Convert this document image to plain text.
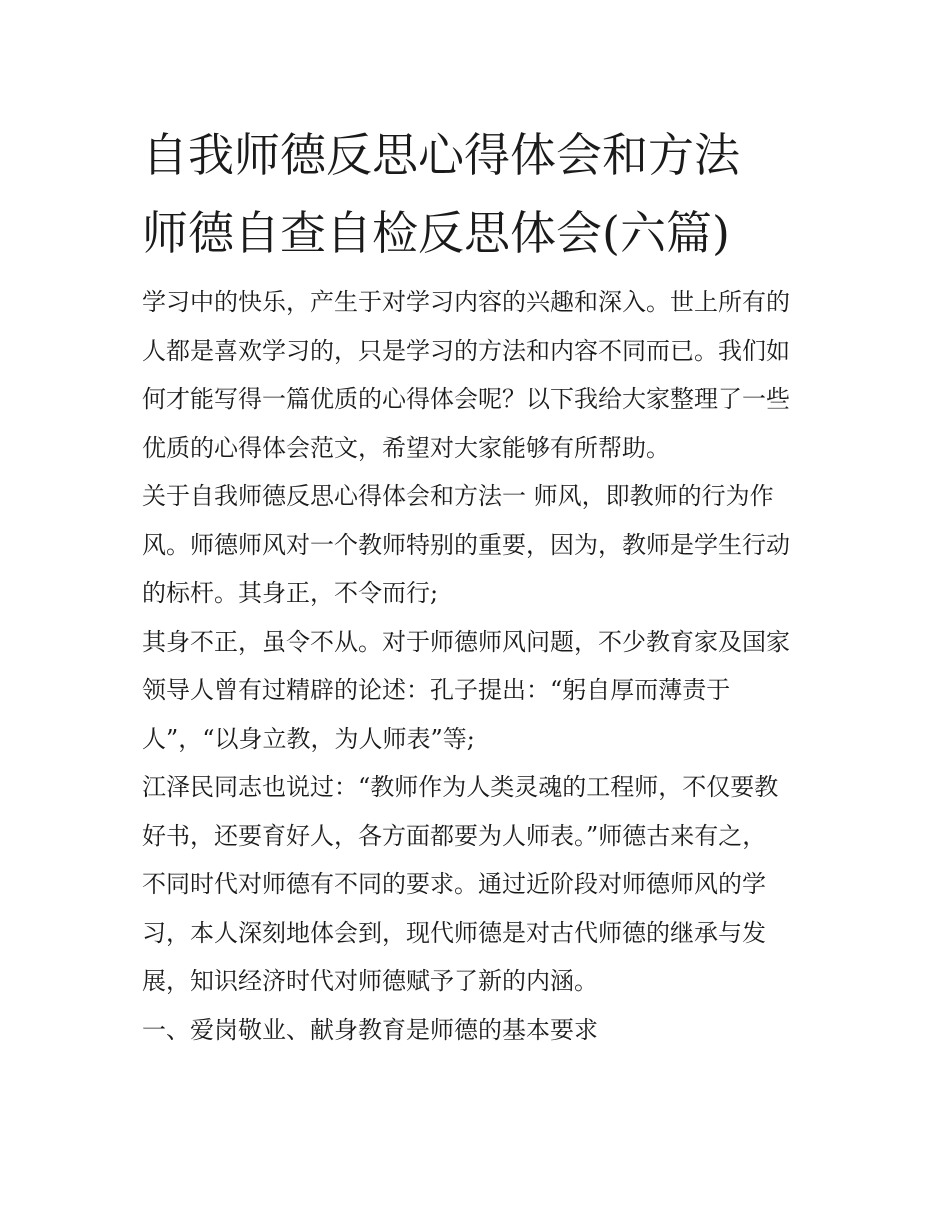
自我师德反思心得体会和方法
师德自查自检反思体会(六篇)
学习中的快乐，产生于对学习内容的兴趣和深入。世上所有的
人都是喜欢学习的，只是学习的方法和内容不同而已。我们如
何才能写得一篇优质的心得体会呢？以下我给大家整理了一些
优质的心得体会范文，希望对大家能够有所帮助。
关于自我师德反思心得体会和方法一 师风，即教师的行为作
风。师德师风对一个教师特别的重要，因为，教师是学生行动
的标杆。其身正，不令而行;
其身不正，虽令不从。对于师德师风问题，不少教育家及国家
领导人曾有过精辟的论述：孔子提出：“躬自厚而薄责于
人”，“以身立教，为人师表”等;
江泽民同志也说过：“教师作为人类灵魂的工程师，不仅要教
好书，还要育好人，各方面都要为人师表。”师德古来有之，
不同时代对师德有不同的要求。通过近阶段对师德师风的学
习，本人深刻地体会到，现代师德是对古代师德的继承与发
展，知识经济时代对师德赋予了新的内涵。
一、爱岗敬业、献身教育是师德的基本要求
